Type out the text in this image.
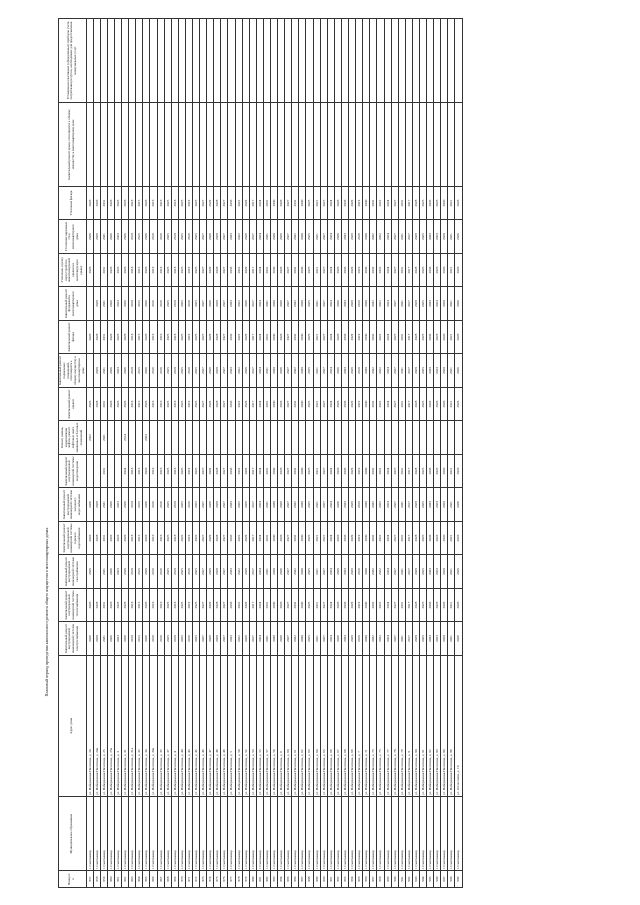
Плановый период проведения капитального ремонта общего имущества в многоквартирных домах
Номер п/п	Муниципальное образование	Адрес дома	Капитальный ремонт внутридомовой инженерной системы электроснабжения	Капитальный ремонт внутридомовой инженерной системы теплоснабжения	Капитальный ремонт внутридомовой инженерной системы газоснабжения	Капитальный ремонт внутридомовой инженерной системы горячего водоснабжения	Капитальный ремонт внутридомовой инженерной системы холодного водоснабжения	Капитальный ремонт внутридомовой инженерной системы водоотведения	Ремонт, замена, модернизация лифтов, ремонт лифтовых шахт, машинных и блочных помещений	Капитальный ремонт крыши	Капитальный ремонт подвальных помещений, относящихся к общему имуществу в многоквартирном доме	Капитальный ремонт фасада	Капитальный ремонт фундамента многоквартирного дома	Утепление и (или) переустройство невентилируемой крыши на вентилируемую крышу	Утепление наружных стен многоквартирного дома	Утепление фасада	Капитальный ремонт крыш, относящихся к общему имуществу в многоквартирном доме	Установка коллективных (общедомовых) приборов учета потребления ресурсов, необходимых для предоставления коммунальных услуг
857	г. Сыктывкар	ул. Набережная Пахотина, д. 24	2026	2026	2026	2026	2026		2022	2026		2026		2026	2026	2026		
858	г. Сыктывкар	ул. Набережная Пахотина, д. 24а	2028	2028		2028	2028			2028	2028	2028	2028		2026	2026		
859	г. Сыктывкар	ул. Набережная Пахотина, д. 25	2031	2031	2031	2031	2031	2031	2031	2031	2031	2031	2031	2031	2031	2031		
860	г. Сыктывкар	ул. Набережная Пахотина, д. 25а	2026	2026	2026	2026	2026			2026	2026	2026	2026	2026	2026	2026		
861	г. Сыктывкар	ул. Набережная Пахотина, д. 3	2023	2023	2023	2023	2023			2023	2023	2023	2023	2023	2023	2023		
862	г. Сыктывкар	ул. Набережная Пахотина, д. 31	2026	2026	2026	2026	2026	2024	2014	2026	2026	2026	2026	2026	2026	2026		
863	г. Сыктывкар	ул. Набережная Пахотина, д. 31а	2018	2018	2018	2018	2018	2018		2018	2018	2018	2018	2018	2018	2018		
864	г. Сыктывкар	ул. Набережная Пахотина, д. 32	2015	2015	2015	2015	2015	2015		2015	2015	2015	2015	2015	2015	2015		
865	г. Сыктывкар	ул. Набережная Пахотина, д. 34	2026	2026	2026	2026	2026	2026	2023	2026	2026	2026	2026	2026	2026	2026		
866	г. Сыктывкар	ул. Набережная Пахотина, д. 34а	2016	2016	2016	2016	2016	2016		2016	2016	2016	2016	2016	2016	2016		
867	г. Сыктывкар	ул. Набережная Пахотина, д. 35	2016	2016	2016	2016	2016	2016		2016	2016	2016	2016	2016	2016	2016		
868	г. Сыктывкар	ул. Набережная Пахотина, д. 37	2025	2025	2025	2025	2025	2025		2025	2025	2025	2025	2025	2025	2025		
869	г. Сыктывкар	ул. Набережная Пахотина, д. 4	2018	2018	2018	2018	2018	2018		2018	2018	2018	2018	2018	2018	2018		
870	г. Сыктывкар	ул. Набережная Пахотина, д. 40	2025	2025	2025	2025	2025	2025		2025	2025	2025	2025	2025	2025	2025		
871	г. Сыктывкар	ул. Набережная Пахотина, д. 43	2019	2019	2019	2019	2019	2019		2019	2019	2019	2019	2019	2019	2019		
872	г. Сыктывкар	ул. Набережная Пахотина, д. 45	2025	2025	2025	2025	2025	2025		2025	2025	2025	2025	2025	2025	2025		
873	г. Сыктывкар	ул. Набережная Пахотина, д. 46	2027	2027	2027	2027	2027	2027		2027	2027	2027	2027	2027	2027	2027		
874	г. Сыктывкар	ул. Набережная Пахотина, д. 47	2029	2029	2029	2029	2029	2029		2029	2029	2029	2029	2029	2029	2029		
875	г. Сыктывкар	ул. Набережная Пахотина, д. 48	2028	2028	2028	2028	2028	2028		2028	2028	2028	2028	2028	2028	2028		
876	г. Сыктывкар	ул. Набережная Пахотина, д. 49	2027	2027	2027	2027	2027	2027		2027	2027	2027	2027	2027	2027	2027		
877	г. Сыктывкар	ул. Набережная Пахотина, д. 5	2033	2033	2033	2033	2033	2033		2033	2033	2033	2033	2033	2033	2033		
878	г. Сыктывкар	ул. Набережная Пахотина, д. 50	2022	2022	2022	2022	2022	2022		2022	2022	2022	2022	2022	2022	2022		
879	г. Сыктывкар	ул. Набережная Пахотина, д. 52	2029	2029	2029	2029	2029	2029		2029	2029	2029	2029	2029	2029	2029		
880	г. Сыктывкар	ул. Набережная Пахотина, д. 53	2017	2017	2017	2017	2017	2017		2017	2017	2017	2017	2017	2017	2017		
881	г. Сыктывкар	ул. Набережная Пахотина, д. 55	2024	2024	2024	2024	2024	2024		2024	2024	2024	2024	2024	2024	2024		
882	г. Сыктывкар	ул. Набережная Пахотина, д. 57	2031	2031	2031	2031	2031	2031		2031	2031	2031	2031	2031	2031	2031		
883	г. Сыктывкар	ул. Набережная Пахотина, д. 58	2030	2030	2030	2030	2030	2030		2030	2030	2030	2030	2030	2030	2030		
884	г. Сыктывкар	ул. Набережная Пахотина, д. 6	2026	2026	2026	2026	2026	2026		2026	2026	2026	2026	2026	2026	2026		
885	г. Сыктывкар	ул. Набережная Пахотина, д. 60	2027	2027	2027	2027	2027	2027		2027	2027	2027	2027	2027	2027	2027		
886	г. Сыктывкар	ул. Набережная Пахотина, д. 61	2032	2032	2032	2032	2032	2032		2032	2032	2032	2032	2032	2032	2032		
887	г. Сыктывкар	ул. Набережная Пахотина, д. 62	2030	2030	2030	2030	2030	2030		2030	2030	2030	2030	2030	2030	2030		
888	г. Сыктывкар	ул. Набережная Пахотина, д. 63	2025	2025	2025	2025	2025	2025		2025	2025	2025	2025	2025	2025	2025		
889	г. Сыктывкар	ул. Набережная Пахотина, д. 64	2021	2021	2021	2021	2021	2021		2021	2021	2021	2021	2021	2021	2021		
890	г. Сыктывкар	ул. Набережная Пахотина, д. 65	2027	2027	2027	2027	2027	2027		2027	2027	2027	2027	2027	2027	2027		
891	г. Сыктывкар	ул. Набережная Пахотина, д. 66	2024	2024	2024	2024	2024	2024		2024	2024	2024	2024	2024	2024	2024		
892	г. Сыктывкар	ул. Набережная Пахотина, д. 67	2026	2026	2026	2026	2026	2026		2026	2026	2026	2026	2026	2026	2026		
893	г. Сыктывкар	ул. Набережная Пахотина, д. 68	2033	2033	2033	2033	2033	2033		2033	2033	2033	2033	2033	2033	2033		
894	г. Сыктывкар	ул. Набережная Пахотина, д. 69	2029	2029	2029	2029	2029	2029		2029	2029	2029	2029	2029	2029	2029		
895	г. Сыктывкар	ул. Набережная Пахотина, д. 7	2019	2019	2019	2019	2019	2019		2019	2019	2019	2019	2019	2019	2019		
896	г. Сыктывкар	ул. Набережная Пахотина, д. 71	2030	2030	2030	2030	2030	2030		2030	2030	2030	2030	2030	2030	2030		
897	г. Сыктывкар	ул. Набережная Пахотина, д. 73	2032	2032	2032	2032	2032	2032		2032	2032	2032	2032	2032	2032	2032		
898	г. Сыктывкар	ул. Набережная Пахотина, д. 75	2022	2022	2022	2022	2022	2022		2022	2022	2022	2022	2022	2022	2022		
899	г. Сыктывкар	ул. Набережная Пахотина, д. 77	2024	2024	2024	2024	2024	2024		2024	2024	2024	2024	2024	2024	2024		
900	г. Сыктывкар	ул. Набережная Пахотина, д. 78	2027	2027	2027	2027	2027	2027		2027	2027	2027	2027	2027	2027	2027		
901	г. Сыктывкар	ул. Набережная Пахотина, д. 79	2031	2031	2031	2031	2031	2031		2031	2031	2031	2031	2031	2031	2031		
902	г. Сыктывкар	ул. Набережная Пахотина, д. 8	2017	2017	2017	2017	2017	2017		2017	2017	2017	2017	2017	2017	2017		
903	г. Сыктывкар	ул. Набережная Пахотина, д. 80	2028	2028	2028	2028	2028	2028		2028	2028	2028	2028	2028	2028	2028		
904	г. Сыктывкар	ул. Набережная Пахотина, д. 81	2025	2025	2025	2025	2025	2025		2025	2025	2025	2025	2025	2025	2025		
905	г. Сыктывкар	ул. Набережная Пахотина, д. 82	2033	2033	2033	2033	2033	2033		2033	2033	2033	2033	2033	2033	2033		
906	г. Сыктывкар	ул. Набережная Пахотина, д. 83	2023	2023	2023	2023	2023	2023		2023	2023	2023	2023	2023	2023	2023		
907	г. Сыктывкар	ул. Набережная Пахотина, д. 84	2020	2020	2020	2020	2020	2020		2020	2020	2020	2020	2020	2020	2020		
908	г. Сыктывкар	ул. Набережная Пахотина, д. 86	2021	2021	2021	2021	2021	2021		2021	2021	2021	2021	2021	2021	2021		
909	г. Сыктывкар	ул. Оплеснина, д. 10	2026	2026	2026	2026	2026	2026		2026	2026	2026	2026	2026	2026	2026		
